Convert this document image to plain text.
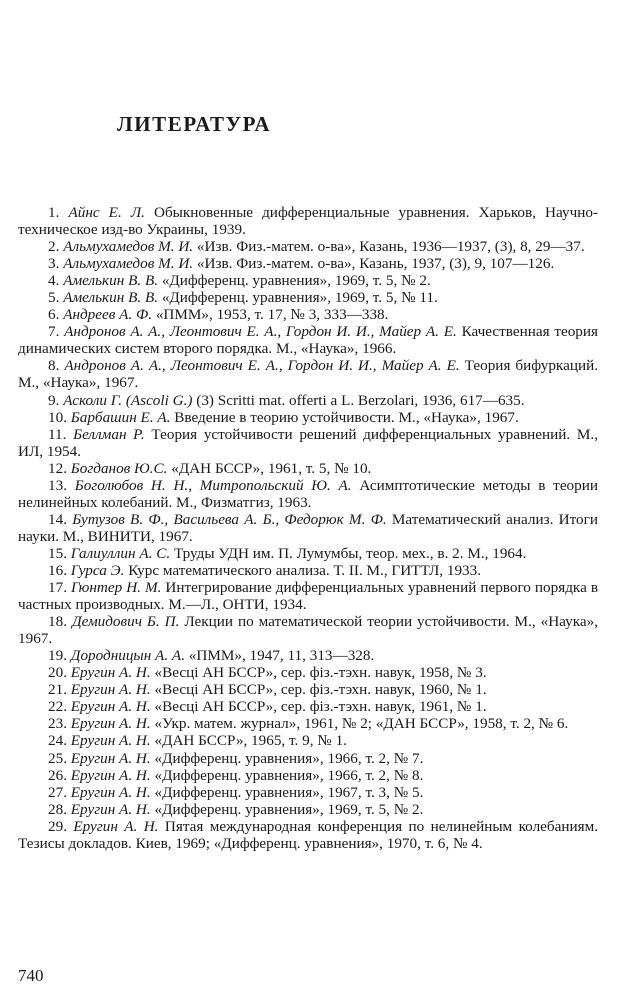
ЛИТЕРАТУРА

1. Айнс Е. Л. Обыкновенные дифференциальные уравнения. Харьков, Научно-техническое изд-во Украины, 1939.

2. Альмухамедов М. И. «Изв. Физ.-матем. о-ва», Казань, 1936—1937, (3), 8, 29—37.

3. Альмухамедов М. И. «Изв. Физ.-матем. о-ва», Казань, 1937, (3), 9, 107—126.

4. Амелькин В. В. «Дифференц. уравнения», 1969, т. 5, № 2.

5. Амелькин В. В. «Дифференц. уравнения», 1969, т. 5, № 11.

6. Андреев А. Ф. «ПММ», 1953, т. 17, № 3, 333—338.

7. Андронов А. А., Леонтович Е. А., Гордон И. И., Майер А. Е. Качественная теория динамических систем второго порядка. М., «Наука», 1966.

8. Андронов А. А., Леонтович Е. А., Гордон И. И., Майер А. Е. Теория бифуркаций. М., «Наука», 1967.

9. Асколи Г. (Ascoli G.) (3) Scritti mat. offerti a L. Berzolari, 1936, 617—635.

10. Барбашин Е. А. Введение в теорию устойчивости. М., «Наука», 1967.

11. Беллман Р. Теория устойчивости решений дифференциальных уравнений. М., ИЛ, 1954.

12. Богданов Ю.С. «ДАН БССР», 1961, т. 5, № 10.

13. Боголюбов Н. Н., Митропольский Ю. А. Асимптотические методы в теории нелинейных колебаний. М., Физматгиз, 1963.

14. Бутузов В. Ф., Васильева А. Б., Федорюк М. Ф. Математический анализ. Итоги науки. М., ВИНИТИ, 1967.

15. Галиуллин А. С. Труды УДН им. П. Лумумбы, теор. мех., в. 2. М., 1964.

16. Гурса Э. Курс математического анализа. Т. II. М., ГИТТЛ, 1933.

17. Гюнтер Н. М. Интегрирование дифференциальных уравнений первого порядка в частных производных. М.—Л., ОНТИ, 1934.

18. Демидович Б. П. Лекции по математической теории устойчивости. М., «Наука», 1967.

19. Дородницын А. А. «ПММ», 1947, 11, 313—328.

20. Еругин А. Н. «Весцi АН БССР», сер. фiз.-тэхн. навук, 1958, № 3.

21. Еругин А. Н. «Весцi АН БССР», сер. фiз.-тэхн. навук, 1960, № 1.

22. Еругин А. Н. «Весцi АН БССР», сер. фiз.-тэхн. навук, 1961, № 1.

23. Еругин А. Н. «Укр. матем. журнал», 1961, № 2; «ДАН БССР», 1958, т. 2, № 6.

24. Еругин А. Н. «ДАН БССР», 1965, т. 9, № 1.

25. Еругин А. Н. «Дифференц. уравнения», 1966, т. 2, № 7.

26. Еругин А. Н. «Дифференц. уравнения», 1966, т. 2, № 8.

27. Еругин А. Н. «Дифференц. уравнения», 1967, т. 3, № 5.

28. Еругин А. Н. «Дифференц. уравнения», 1969, т. 5, № 2.

29. Еругин А. Н. Пятая международная конференция по нелинейным колебаниям. Тезисы докладов. Киев, 1969; «Дифференц. уравнения», 1970, т. 6, № 4.

740
